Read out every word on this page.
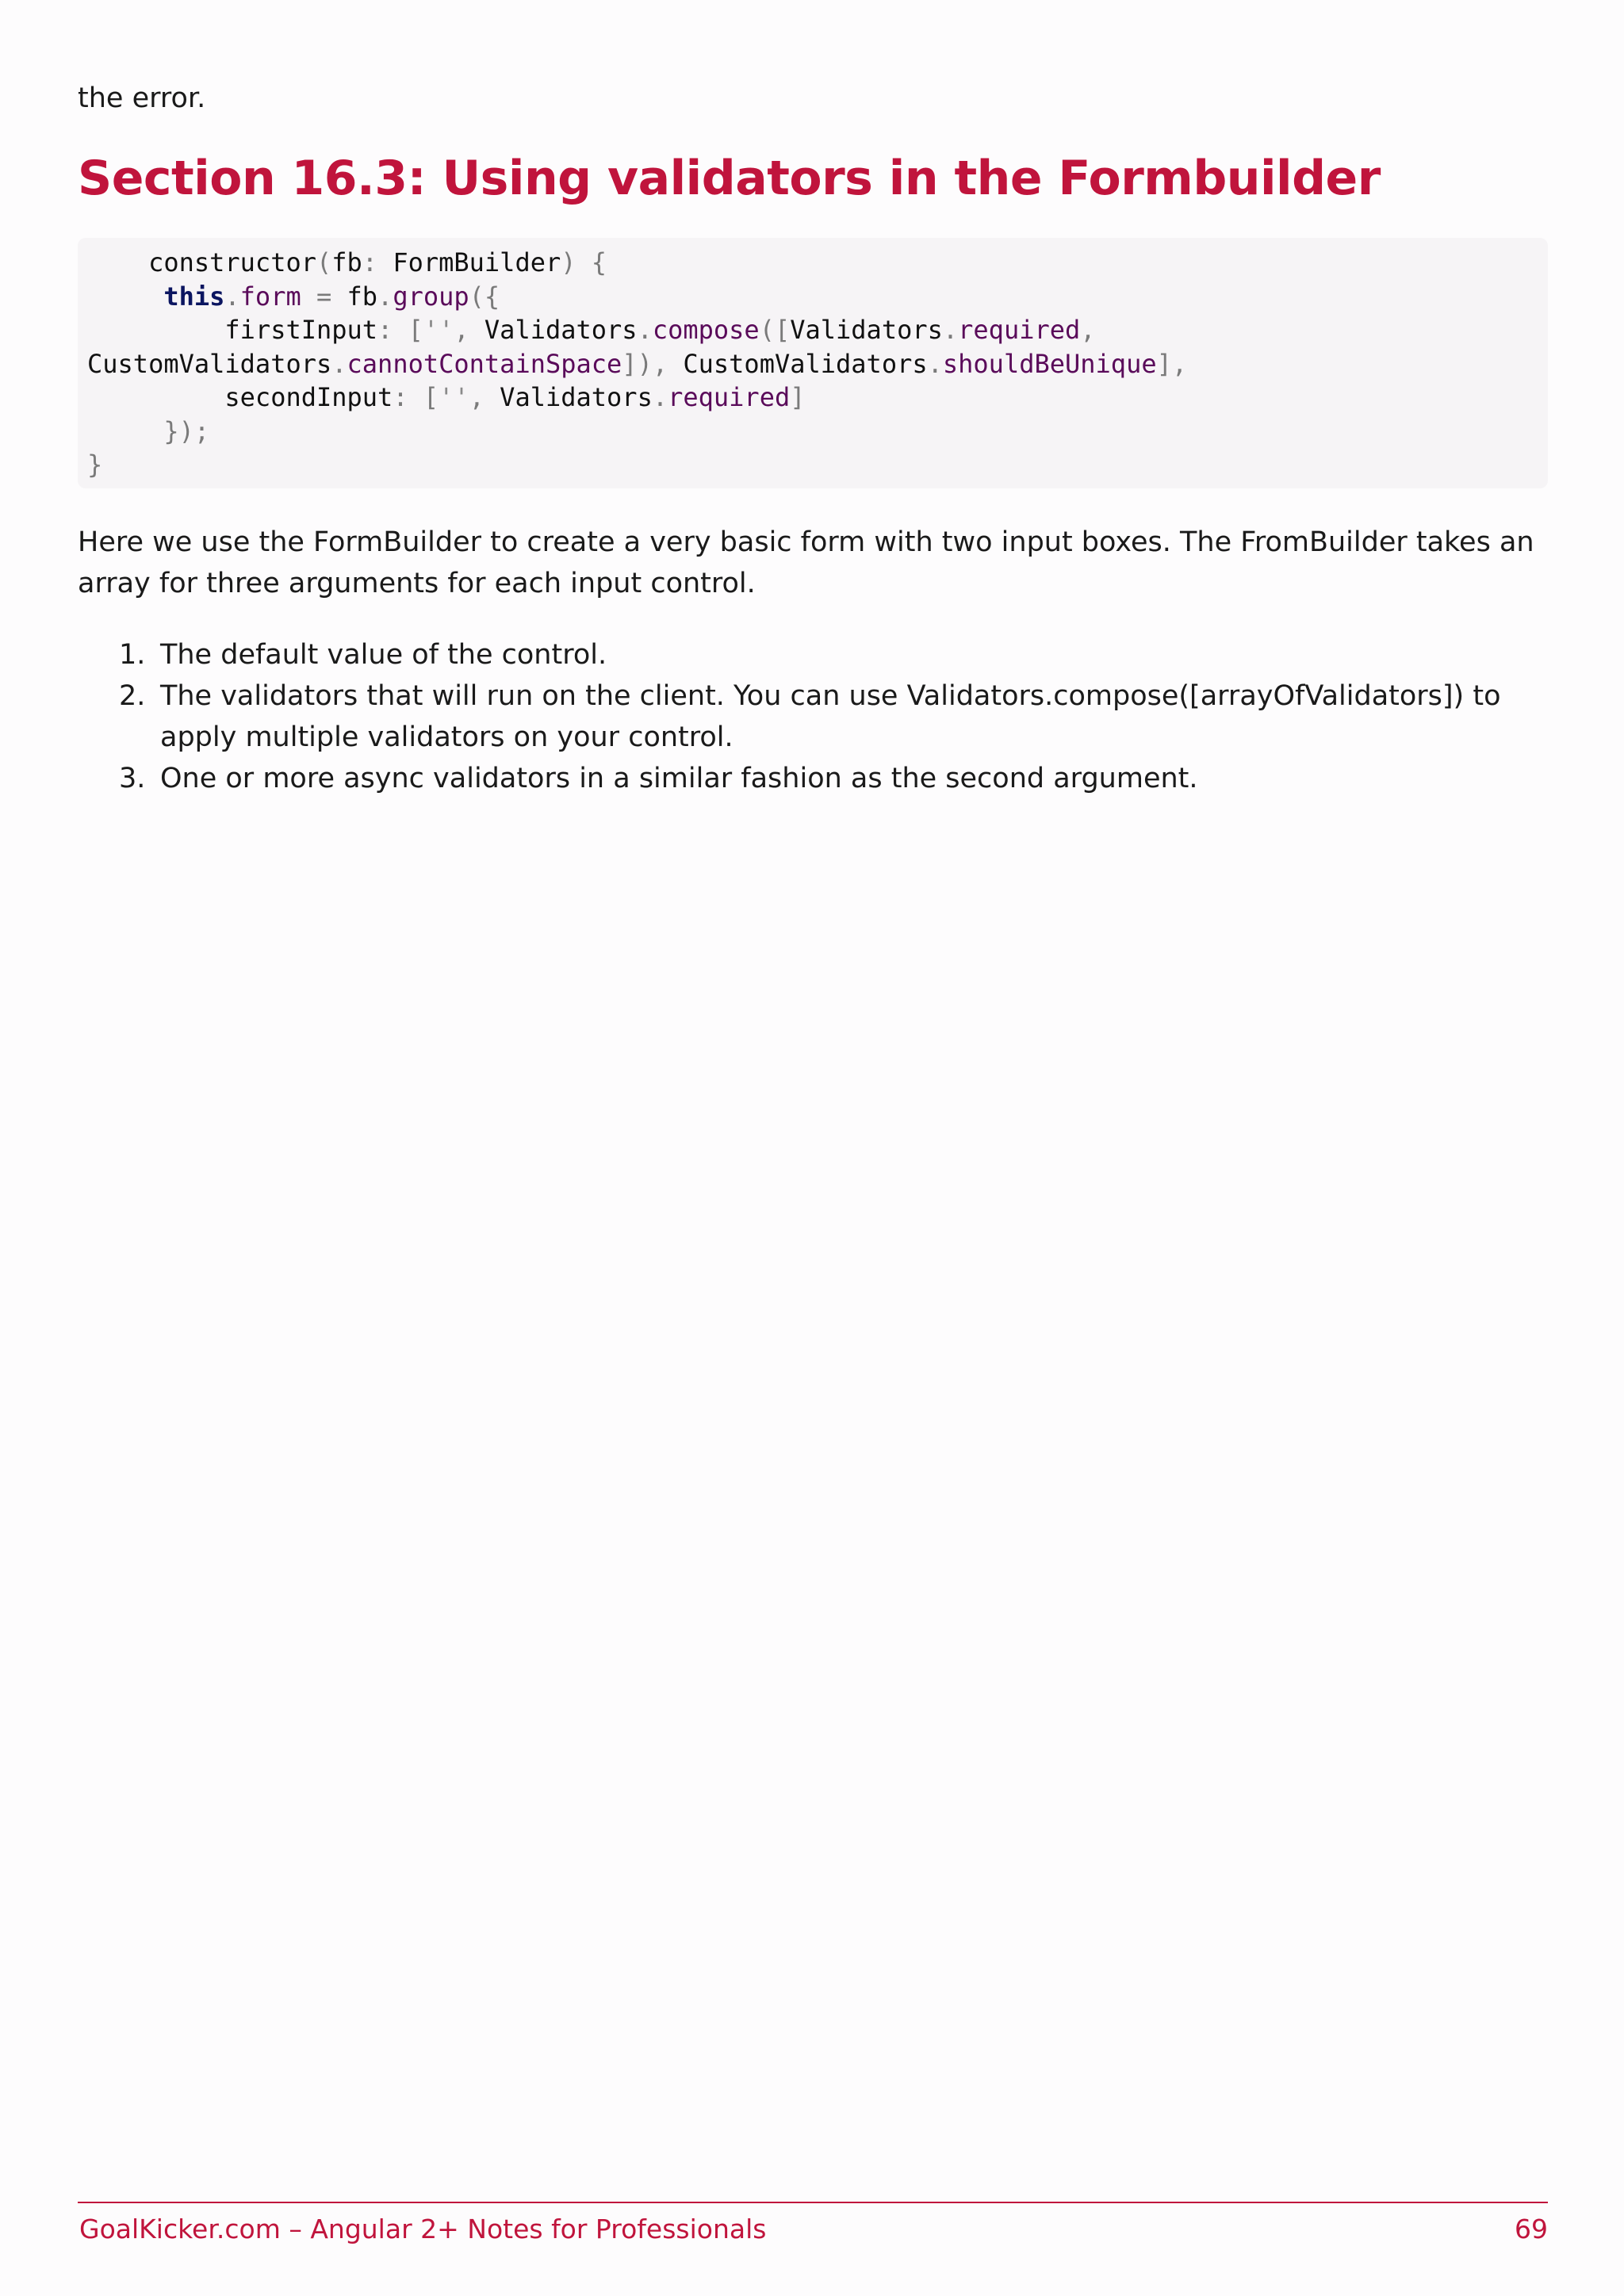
the error.

Section 16.3: Using validators in the Formbuilder
constructor(fb: FormBuilder) {
this.form = fb.group({
firstInput: ['', Validators.compose([Validators.required,
CustomValidators.cannotContainSpace]), CustomValidators.shouldBeUnique],
secondInput: ['', Validators.required]
});
}

Here we use the FormBuilder to create a very basic form with two input boxes. The FromBuilder takes an array for three arguments for each input control.

1. The default value of the control.
2. The validators that will run on the client. You can use Validators.compose([arrayOfValidators]) to apply multiple validators on your control.
3. One or more async validators in a similar fashion as the second argument.
GoalKicker.com – Angular 2+ Notes for Professionals	69
